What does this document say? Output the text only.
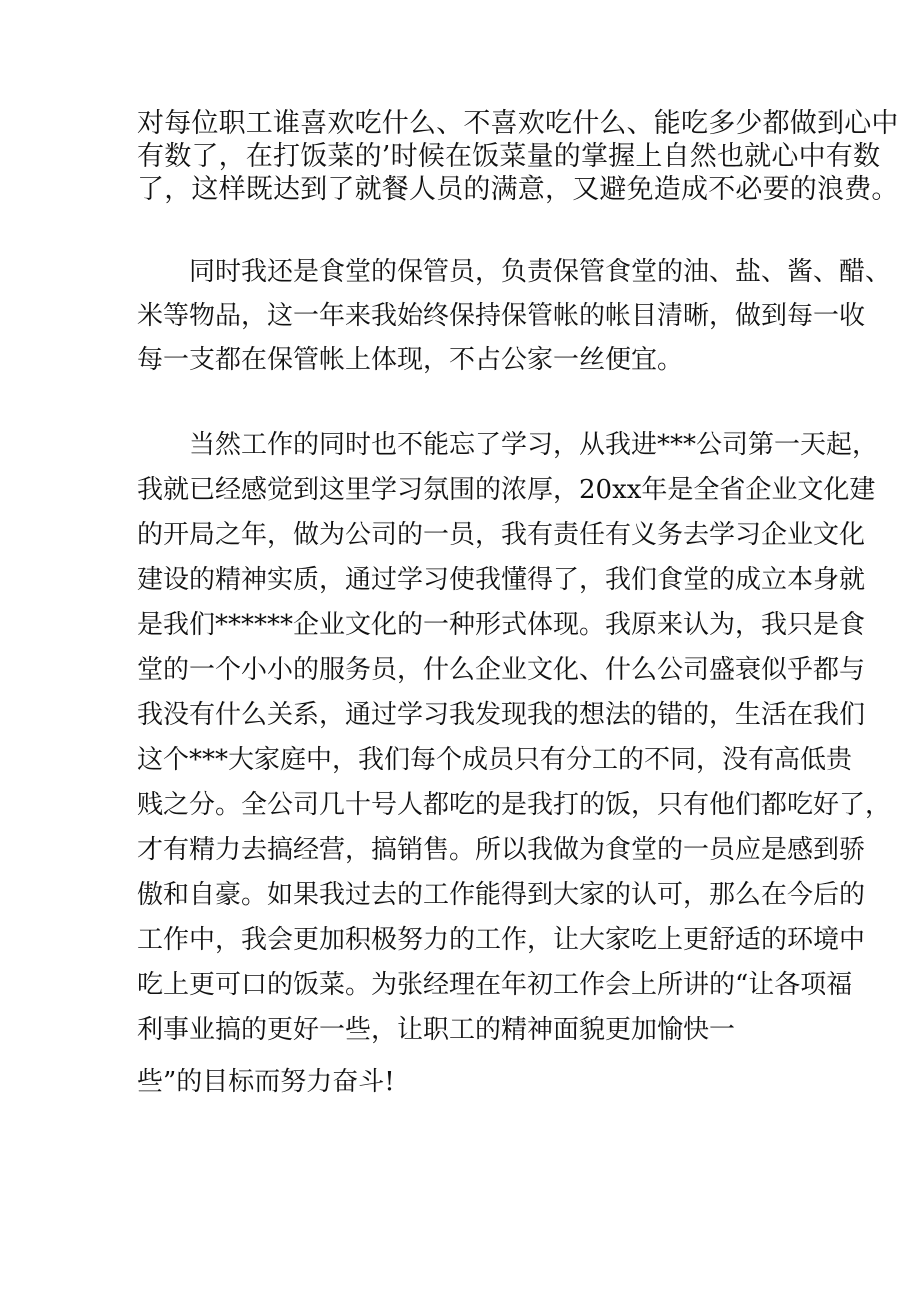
对每位职工谁喜欢吃什么、不喜欢吃什么、能吃多少都做到心中
有数了，在打饭菜的’时候在饭菜量的掌握上自然也就心中有数
了，这样既达到了就餐人员的满意，又避免造成不必要的浪费。
同时我还是食堂的保管员，负责保管食堂的油、盐、酱、醋、
米等物品，这一年来我始终保持保管帐的帐目清晰，做到每一收
每一支都在保管帐上体现，不占公家一丝便宜。
当然工作的同时也不能忘了学习，从我进***公司第一天起，
我就已经感觉到这里学习氛围的浓厚，20xx年是全省企业文化建
的开局之年，做为公司的一员，我有责任有义务去学习企业文化
建设的精神实质，通过学习使我懂得了，我们食堂的成立本身就
是我们******企业文化的一种形式体现。我原来认为，我只是食
堂的一个小小的服务员，什么企业文化、什么公司盛衰似乎都与
我没有什么关系，通过学习我发现我的想法的错的，生活在我们
这个***大家庭中，我们每个成员只有分工的不同，没有高低贵
贱之分。全公司几十号人都吃的是我打的饭，只有他们都吃好了，
才有精力去搞经营，搞销售。所以我做为食堂的一员应是感到骄
傲和自豪。如果我过去的工作能得到大家的认可，那么在今后的
工作中，我会更加积极努力的工作，让大家吃上更舒适的环境中
吃上更可口的饭菜。为张经理在年初工作会上所讲的“让各项福
利事业搞的更好一些，让职工的精神面貌更加愉快一
些”的目标而努力奋斗!
